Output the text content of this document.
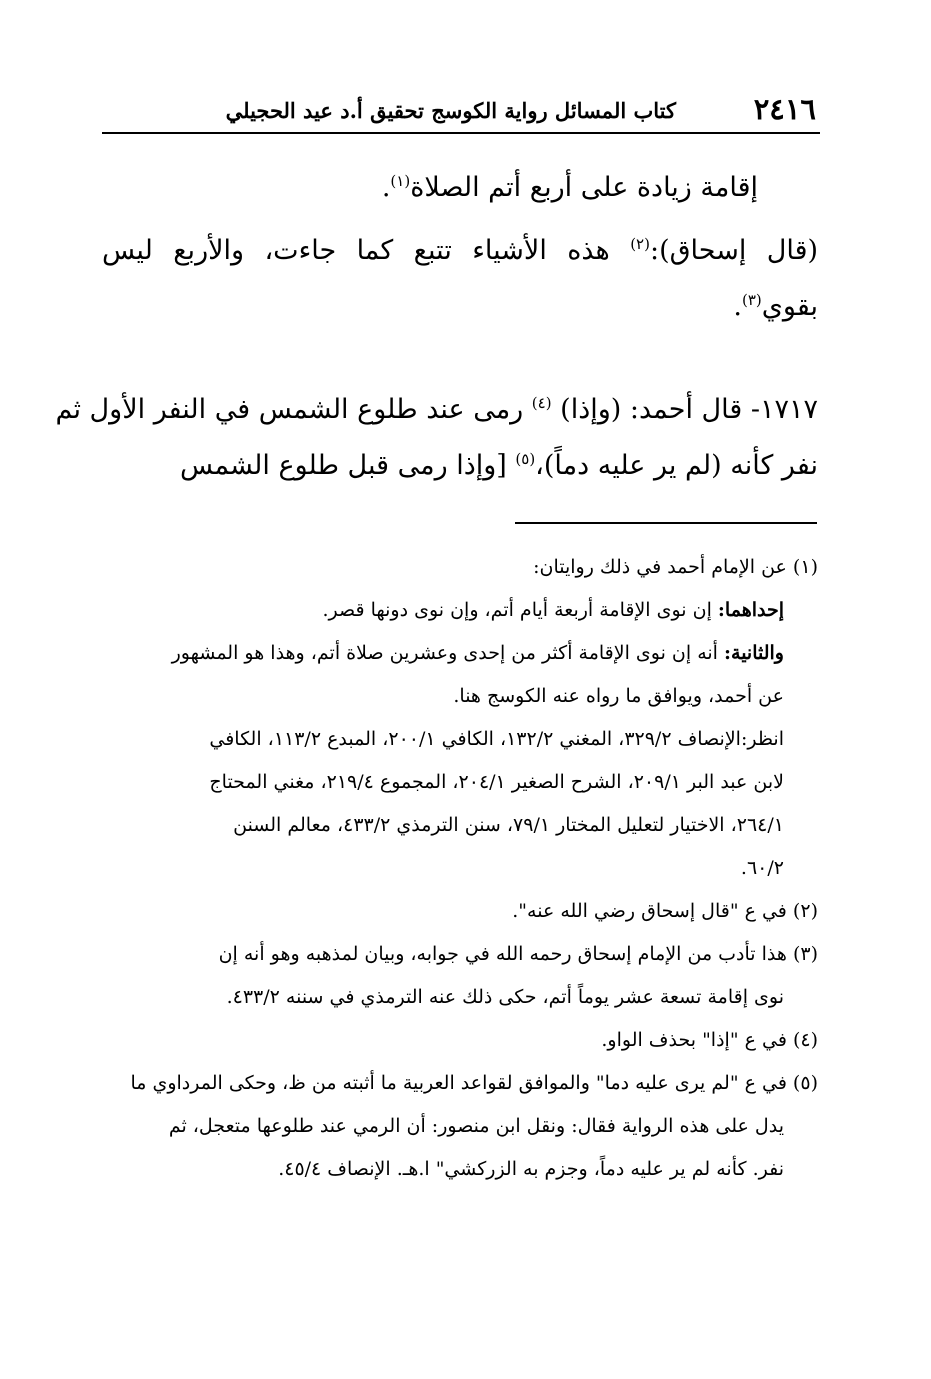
٢٤١٦
كتاب المسائل رواية الكوسج تحقيق أ.د عيد الحجيلي
إقامة زيادة على أربع أتم الصلاة$^{(١)}$.
(قال إسحاق):$^{(٢)}$ هذه الأشياء تتبع كما جاءت، والأربع ليس
بقوي$^{(٣)}$.
١٧١٧- قال أحمد: (وإذا) $^{(٤)}$ رمى عند طلوع الشمس في النفر الأول ثم
نفر كأنه (لم ير عليه دماً)،$^{(٥)}$ [وإذا رمى قبل طلوع الشمس
(١) عن الإمام أحمد في ذلك روايتان:
إحداهما: إن نوى الإقامة أربعة أيام أتم، وإن نوى دونها قصر.
والثانية: أنه إن نوى الإقامة أكثر من إحدى وعشرين صلاة أتم، وهذا هو المشهور
عن أحمد، ويوافق ما رواه عنه الكوسج هنا.
انظر:الإنصاف ٣٢٩/٢، المغني ١٣٢/٢، الكافي ٢٠٠/١، المبدع ١١٣/٢، الكافي
لابن عبد البر ٢٠٩/١، الشرح الصغير ٢٠٤/١، المجموع ٢١٩/٤، مغني المحتاج
٢٦٤/١، الاختيار لتعليل المختار ٧٩/١، سنن الترمذي ٤٣٣/٢، معالم السنن
٦٠/٢.
(٢) في ع "قال إسحاق رضي الله عنه".
(٣) هذا تأدب من الإمام إسحاق رحمه الله في جوابه، وبيان لمذهبه وهو أنه إن
نوى إقامة تسعة عشر يوماً أتم، حكى ذلك عنه الترمذي في سننه ٤٣٣/٢.
(٤) في ع "إذا" بحذف الواو.
(٥) في ع "لم يرى عليه دما" والموافق لقواعد العربية ما أثبته من ظ، وحكى المرداوي ما
يدل على هذه الرواية فقال: ونقل ابن منصور: أن الرمي عند طلوعها متعجل، ثم
نفر. كأنه لم ير عليه دماً، وجزم به الزركشي" ا.هـ. الإنصاف ٤٥/٤.
